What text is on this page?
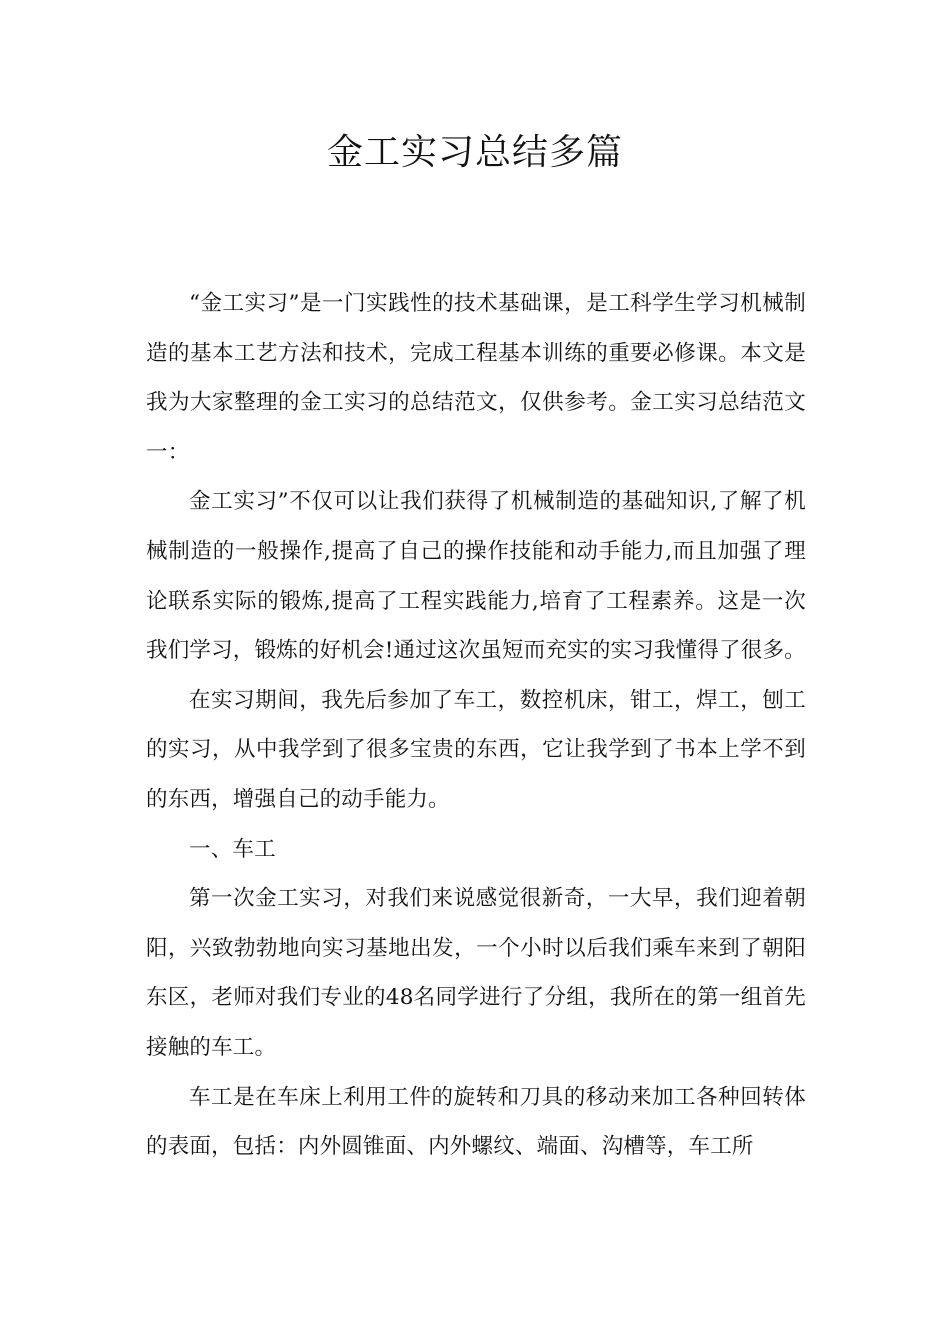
金工实习总结多篇

“金工实习”是一门实践性的技术基础课，是工科学生学习机械制造的基本工艺方法和技术，完成工程基本训练的重要必修课。本文是我为大家整理的金工实习的总结范文，仅供参考。金工实习总结范文一：

金工实习”不仅可以让我们获得了机械制造的基础知识,了解了机械制造的一般操作,提高了自己的操作技能和动手能力,而且加强了理论联系实际的锻炼,提高了工程实践能力,培育了工程素养。这是一次我们学习，锻炼的好机会!通过这次虽短而充实的实习我懂得了很多。

在实习期间，我先后参加了车工，数控机床，钳工，焊工，刨工的实习，从中我学到了很多宝贵的东西，它让我学到了书本上学不到的东西，增强自己的动手能力。

一、车工

第一次金工实习，对我们来说感觉很新奇，一大早，我们迎着朝阳，兴致勃勃地向实习基地出发，一个小时以后我们乘车来到了朝阳东区，老师对我们专业的48名同学进行了分组，我所在的第一组首先接触的车工。

车工是在车床上利用工件的旋转和刀具的移动来加工各种回转体的表面，包括：内外圆锥面、内外螺纹、端面、沟槽等，车工所
